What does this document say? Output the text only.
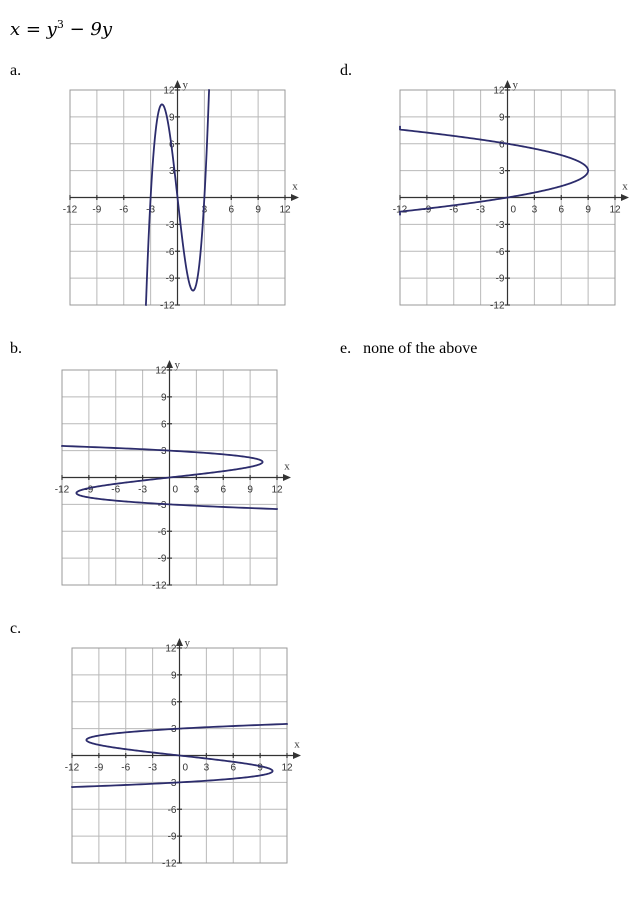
$x = y^3 - 9y$
a.	d.
b.	e. none of the above
c.
x
y
-12 -9 -6 -3	3 6 9 12
12
9
6
3
-3
-6
-9
-12
x
y
-12 -9 -6 -3	3 6 9 12
12
9
6
3
-3
-6
-9
-12
0
x
y
-12 -9 -6 -3	3 6 9 12
12
9
6
3
-3
-6
-9
-12
0
x
y
-12 -9 -6 -3	3 6 9 12
12
9
6
3
-3
-6
-9
-12
0
